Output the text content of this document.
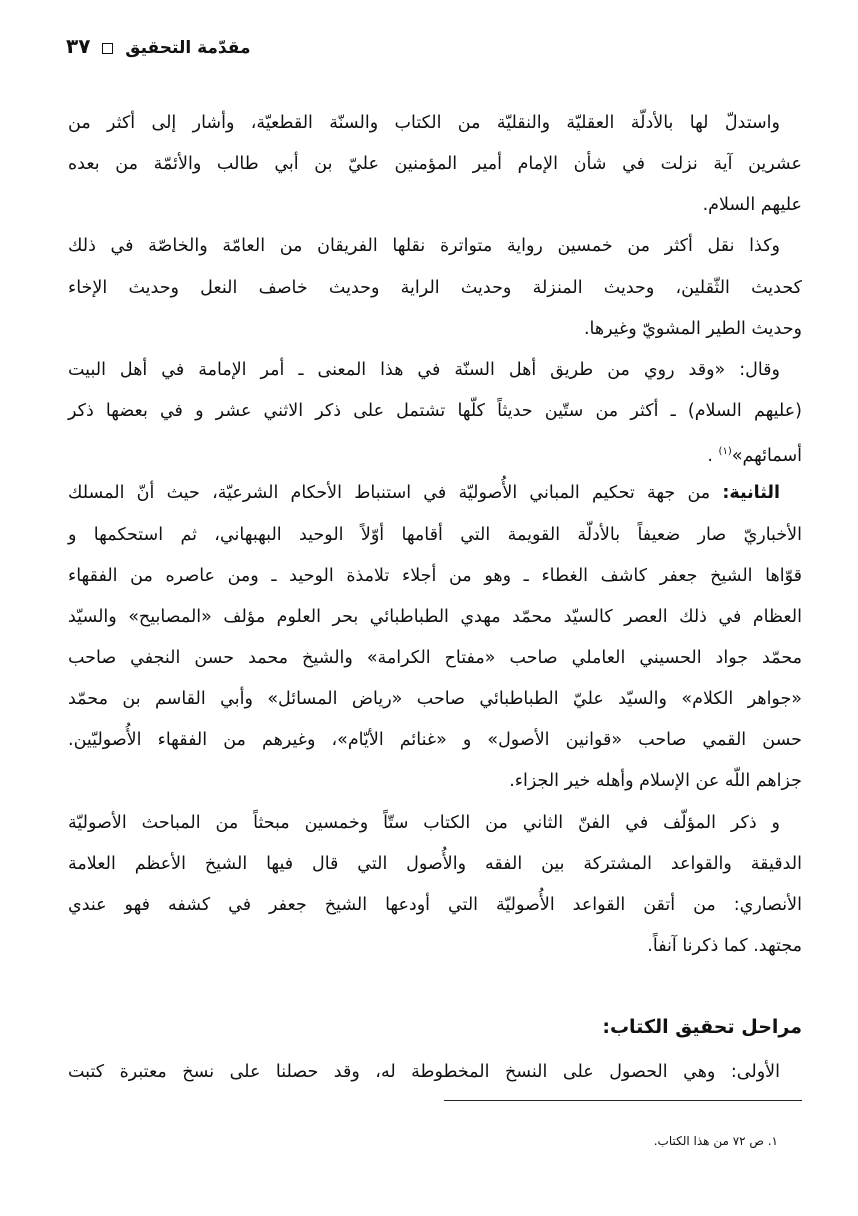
مقدّمة التحقيق  ٣٧
واستدلّ لها بالأدلّة العقليّة والنقليّة من الكتاب والسنّة القطعيّة، وأشار إلى أكثر من
عشرين آية نزلت في شأن الإمام أمير المؤمنين عليّ بن أبي طالب والأئمّة من بعده
عليهم السلام.
وكذا نقل أكثر من خمسين رواية متواترة نقلها الفريقان من العامّة والخاصّة في ذلك
كحديث الثّقلين، وحديث المنزلة وحديث الراية وحديث خاصف النعل وحديث الإخاء
وحديث الطير المشويّ وغيرها.
وقال: «وقد روي من طريق أهل السنّة في هذا المعنى ـ أمر الإمامة في أهل البيت
(عليهم السلام) ـ أكثر من ستّين حديثاً كلّها تشتمل على ذكر الاثني عشر و في بعضها ذكر
أسمائهم»$^{(١)}$ .
الثانية: من جهة تحكيم المباني الأُصوليّة في استنباط الأحكام الشرعيّة، حيث أنّ المسلك
الأخباريّ صار ضعيفاً بالأدلّة القويمة التي أقامها أوّلاً الوحيد البهبهاني، ثم استحكمها و
قوّاها الشيخ جعفر كاشف الغطاء ـ وهو من أجلاء تلامذة الوحيد ـ ومن عاصره من الفقهاء
العظام في ذلك العصر كالسيّد محمّد مهدي الطباطبائي بحر العلوم مؤلف «المصابيح» والسيّد
محمّد جواد الحسيني العاملي صاحب «مفتاح الكرامة» والشيخ محمد حسن النجفي صاحب
«جواهر الكلام» والسيّد عليّ الطباطبائي صاحب «رياض المسائل» وأبي القاسم بن محمّد
حسن القمي صاحب «قوانين الأصول» و «غنائم الأيّام»، وغيرهم من الفقهاء الأُصوليّين.
جزاهم اللّه عن الإسلام وأهله خير الجزاء.
و ذكر المؤلّف في الفنّ الثاني من الكتاب ستّاً وخمسين مبحثاً من المباحث الأصوليّة
الدقيقة والقواعد المشتركة بين الفقه والأُصول التي قال فيها الشيخ الأعظم العلامة
الأنصاري: من أتقن القواعد الأُصوليّة التي أودعها الشيخ جعفر في كشفه فهو عندي
مجتهد. كما ذكرنا آنفاً.
مراحل تحقيق الكتاب:
الأولى: وهي الحصول على النسخ المخطوطة له، وقد حصلنا على نسخ معتبرة كتبت
١. ص ٧٢ من هذا الكتاب.
